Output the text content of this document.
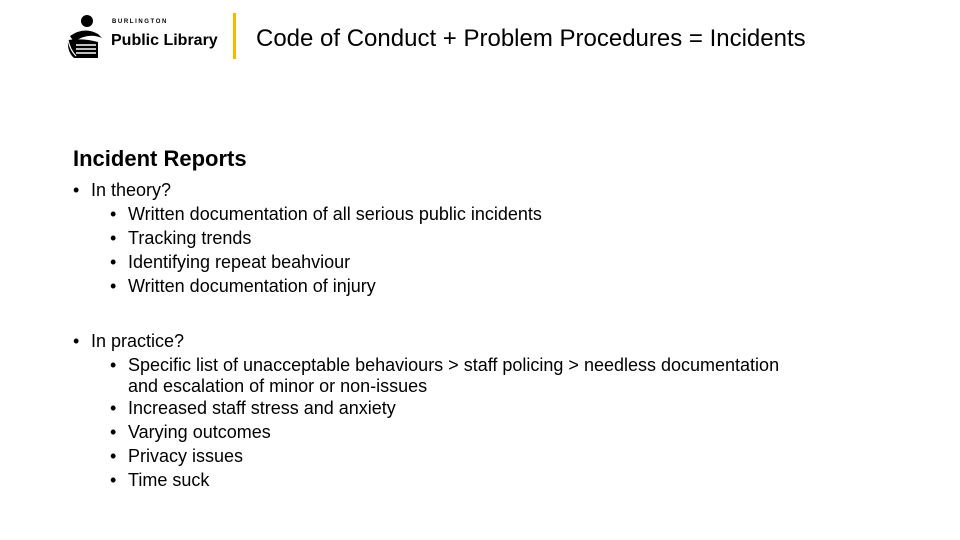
BURLINGTON
Public Library Code of Conduct + Problem Procedures = Incidents
Incident Reports
• In theory?
• Written documentation of all serious public incidents
• Tracking trends
• Identifying repeat beahviour
• Written documentation of injury
• In practice?
• Specific list of unacceptable behaviours > staff policing > needless documentation
and escalation of minor or non-issues
• Increased staff stress and anxiety
• Varying outcomes
• Privacy issues
• Time suck
